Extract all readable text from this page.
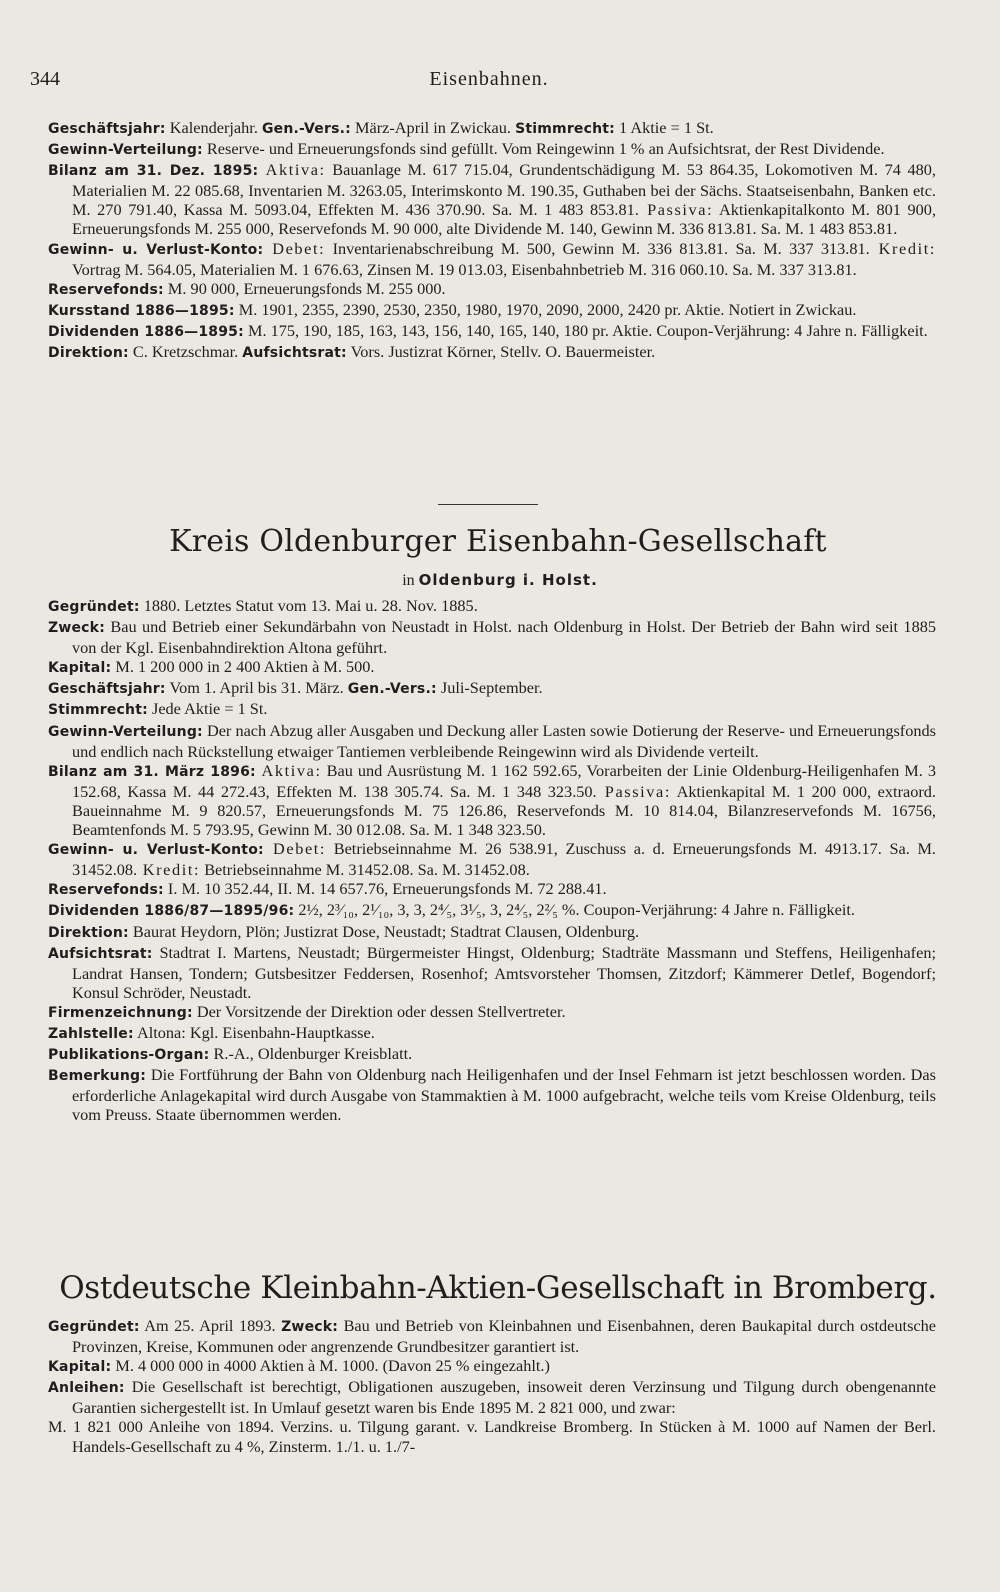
344	Eisenbahnen.

Geschäftsjahr: Kalenderjahr. Gen.-Vers.: März-April in Zwickau. Stimmrecht: 1 Aktie = 1 St.

Gewinn-Verteilung: Reserve- und Erneuerungsfonds sind gefüllt. Vom Reingewinn 1 % an Aufsichtsrat, der Rest Dividende.

Bilanz am 31. Dez. 1895: Aktiva: Bauanlage M. 617 715.04, Grundentschädigung M. 53 864.35, Lokomotiven M. 74 480, Materialien M. 22 085.68, Inventarien M. 3263.05, Interimskonto M. 190.35, Guthaben bei der Sächs. Staatseisenbahn, Banken etc. M. 270 791.40, Kassa M. 5093.04, Effekten M. 436 370.90. Sa. M. 1 483 853.81. Passiva: Aktienkapitalkonto M. 801 900, Erneuerungsfonds M. 255 000, Reservefonds M. 90 000, alte Dividende M. 140, Gewinn M. 336 813.81. Sa. M. 1 483 853.81.

Gewinn- u. Verlust-Konto: Debet: Inventarienabschreibung M. 500, Gewinn M. 336 813.81. Sa. M. 337 313.81. Kredit: Vortrag M. 564.05, Materialien M. 1 676.63, Zinsen M. 19 013.03, Eisenbahnbetrieb M. 316 060.10. Sa. M. 337 313.81.

Reservefonds: M. 90 000, Erneuerungsfonds M. 255 000.

Kursstand 1886—1895: M. 1901, 2355, 2390, 2530, 2350, 1980, 1970, 2090, 2000, 2420 pr. Aktie. Notiert in Zwickau.

Dividenden 1886—1895: M. 175, 190, 185, 163, 143, 156, 140, 165, 140, 180 pr. Aktie. Coupon-Verjährung: 4 Jahre n. Fälligkeit.

Direktion: C. Kretzschmar. Aufsichtsrat: Vors. Justizrat Körner, Stellv. O. Bauermeister.

Kreis Oldenburger Eisenbahn-Gesellschaft
in Oldenburg i. Holst.

Gegründet: 1880. Letztes Statut vom 13. Mai u. 28. Nov. 1885.

Zweck: Bau und Betrieb einer Sekundärbahn von Neustadt in Holst. nach Oldenburg in Holst. Der Betrieb der Bahn wird seit 1885 von der Kgl. Eisenbahndirektion Altona geführt.

Kapital: M. 1 200 000 in 2 400 Aktien à M. 500.

Geschäftsjahr: Vom 1. April bis 31. März. Gen.-Vers.: Juli-September.

Stimmrecht: Jede Aktie = 1 St.

Gewinn-Verteilung: Der nach Abzug aller Ausgaben und Deckung aller Lasten sowie Dotierung der Reserve- und Erneuerungsfonds und endlich nach Rückstellung etwaiger Tantiemen verbleibende Reingewinn wird als Dividende verteilt.

Bilanz am 31. März 1896: Aktiva: Bau und Ausrüstung M. 1 162 592.65, Vorarbeiten der Linie Oldenburg-Heiligenhafen M. 3 152.68, Kassa M. 44 272.43, Effekten M. 138 305.74. Sa. M. 1 348 323.50. Passiva: Aktienkapital M. 1 200 000, extraord. Baueinnahme M. 9 820.57, Erneuerungsfonds M. 75 126.86, Reservefonds M. 10 814.04, Bilanzreservefonds M. 16756, Beamtenfonds M. 5 793.95, Gewinn M. 30 012.08. Sa. M. 1 348 323.50.

Gewinn- u. Verlust-Konto: Debet: Betriebseinnahme M. 26 538.91, Zuschuss a. d. Erneuerungsfonds M. 4913.17. Sa. M. 31452.08. Kredit: Betriebseinnahme M. 31452.08. Sa. M. 31452.08.

Reservefonds: I. M. 10 352.44, II. M. 14 657.76, Erneuerungsfonds M. 72 288.41.

Dividenden 1886/87—1895/96: 2½, 2³⁄₁₀, 2¹⁄₁₀, 3, 3, 2⁴⁄₅, 3¹⁄₅, 3, 2⁴⁄₅, 2²⁄₅ %. Coupon-Verjährung: 4 Jahre n. Fälligkeit.

Direktion: Baurat Heydorn, Plön; Justizrat Dose, Neustadt; Stadtrat Clausen, Oldenburg.

Aufsichtsrat: Stadtrat I. Martens, Neustadt; Bürgermeister Hingst, Oldenburg; Stadträte Massmann und Steffens, Heiligenhafen; Landrat Hansen, Tondern; Gutsbesitzer Feddersen, Rosenhof; Amtsvorsteher Thomsen, Zitzdorf; Kämmerer Detlef, Bogendorf; Konsul Schröder, Neustadt.

Firmenzeichnung: Der Vorsitzende der Direktion oder dessen Stellvertreter.

Zahlstelle: Altona: Kgl. Eisenbahn-Hauptkasse.

Publikations-Organ: R.-A., Oldenburger Kreisblatt.

Bemerkung: Die Fortführung der Bahn von Oldenburg nach Heiligenhafen und der Insel Fehmarn ist jetzt beschlossen worden. Das erforderliche Anlagekapital wird durch Ausgabe von Stammaktien à M. 1000 aufgebracht, welche teils vom Kreise Oldenburg, teils vom Preuss. Staate übernommen werden.

Ostdeutsche Kleinbahn-Aktien-Gesellschaft in Bromberg.

Gegründet: Am 25. April 1893. Zweck: Bau und Betrieb von Kleinbahnen und Eisenbahnen, deren Baukapital durch ostdeutsche Provinzen, Kreise, Kommunen oder angrenzende Grundbesitzer garantiert ist.

Kapital: M. 4 000 000 in 4000 Aktien à M. 1000. (Davon 25 % eingezahlt.)

Anleihen: Die Gesellschaft ist berechtigt, Obligationen auszugeben, insoweit deren Verzinsung und Tilgung durch obengenannte Garantien sichergestellt ist. In Umlauf gesetzt waren bis Ende 1895 M. 2 821 000, und zwar:

M. 1 821 000 Anleihe von 1894. Verzins. u. Tilgung garant. v. Landkreise Bromberg. In Stücken à M. 1000 auf Namen der Berl. Handels-Gesellschaft zu 4 %, Zinsterm. 1./1. u. 1./7-
